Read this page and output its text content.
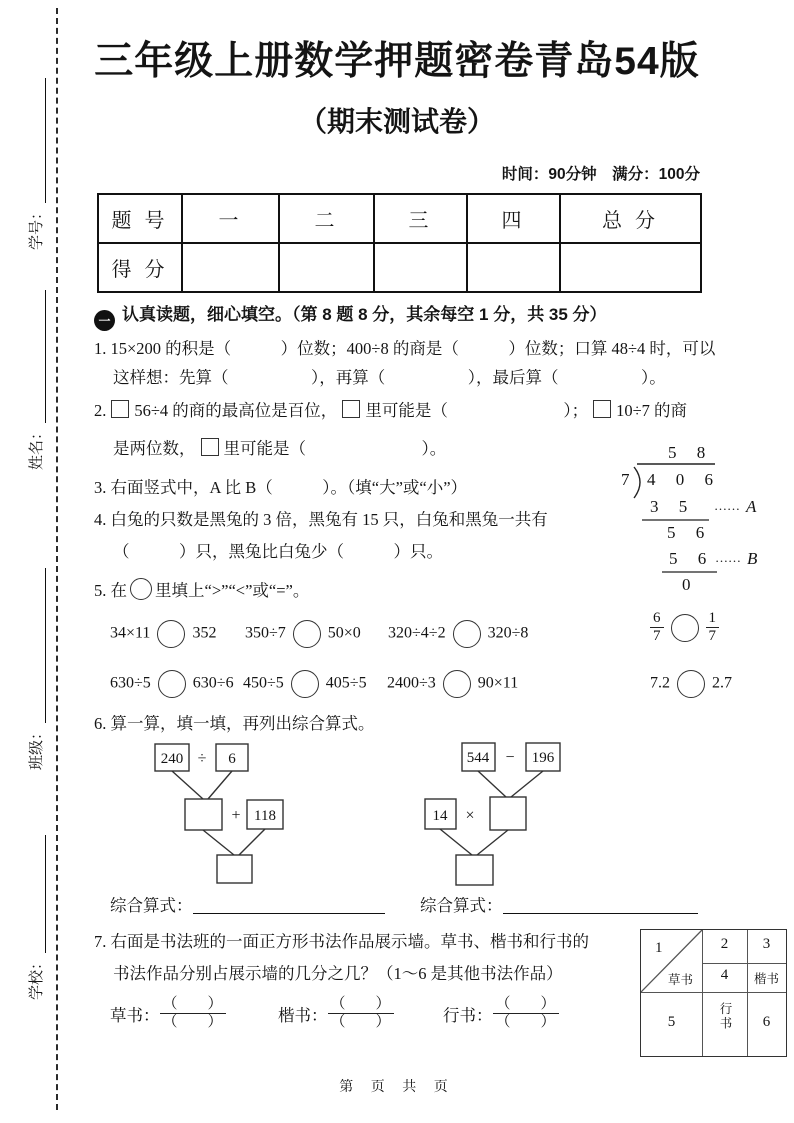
学号：
姓名：
班级：
学校：
三年级上册数学押题密卷青岛54版
（期末测试卷）
时间：90分钟　满分：100分
题 号	一	二	三	四	总 分
得 分					
一 认真读题，细心填空。（第 8 题 8 分，其余每空 1 分，共 35 分）
1. 15×200 的积是（　　　）位数；400÷8 的商是（　　　）位数；口算 48÷4 时，可以
这样想：先算（　　　　　），再算（　　　　　），最后算（　　　　　）。
2. 56÷4 的商的最高位是百位， 里可能是（　　　　　　　）； 10÷7 的商
是两位数， 里可能是（　　　　　　　）。
3. 右面竖式中，A 比 B（　　　）。（填“大”或“小”）
4. 白兔的只数是黑兔的 3 倍，黑兔有 15 只，白兔和黑兔一共有
（　　　）只，黑兔比白兔少（　　　）只。
5 8
7 4 0 6
3 5 …… A
5 6
5 6 …… B
0
5. 在 里填上“>”“<”或“=”。
34×11	352 350÷7	50×0 320÷4÷2	320÷8	$\frac{6}{7}$	$\frac{1}{7}$
630÷5	630÷6 450÷5	405÷5 2400÷3	90×11	7.2	2.7
6. 算一算，填一填，再列出综合算式。
240 ÷ 6
+ 118
544 − 196
14 ×
综合算式：	综合算式：
7. 右面是书法班的一面正方形书法作品展示墙。草书、楷书和行书的
书法作品分别占展示墙的几分之几？（1～6 是其他书法作品）
草书：
（　　）
（　　）	楷书：
（　　）
（　　）	行书：
（　　）
（　　）
1
草书
2	3
4	楷书
5	行书	6
第 页 共 页
